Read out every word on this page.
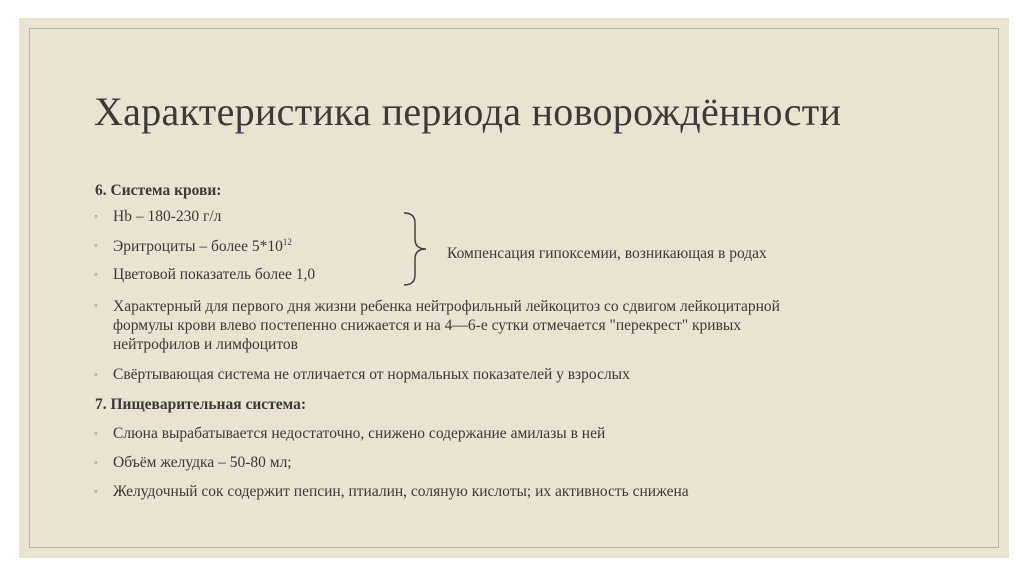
Характеристика периода новорождённости
6. Система крови:
◦ Hb – 180-230 г/л
◦ Эритроциты – более $5*10^{12}$
◦ Цветовой показатель более 1,0
Компенсация гипоксемии, возникающая в родах
◦ Характерный для первого дня жизни ребенка нейтрофильный лейкоцитоз со сдвигом лейкоцитарной
формулы крови влево постепенно снижается и на 4—6-е сутки отмечается "перекрест" кривых
нейтрофилов и лимфоцитов
◦ Свёртывающая система не отличается от нормальных показателей у взрослых
7. Пищеварительная система:
◦ Слюна вырабатывается недостаточно, снижено содержание амилазы в ней
◦ Объём желудка – 50-80 мл;
◦ Желудочный сок содержит пепсин, птиалин, соляную кислоты; их активность снижена
